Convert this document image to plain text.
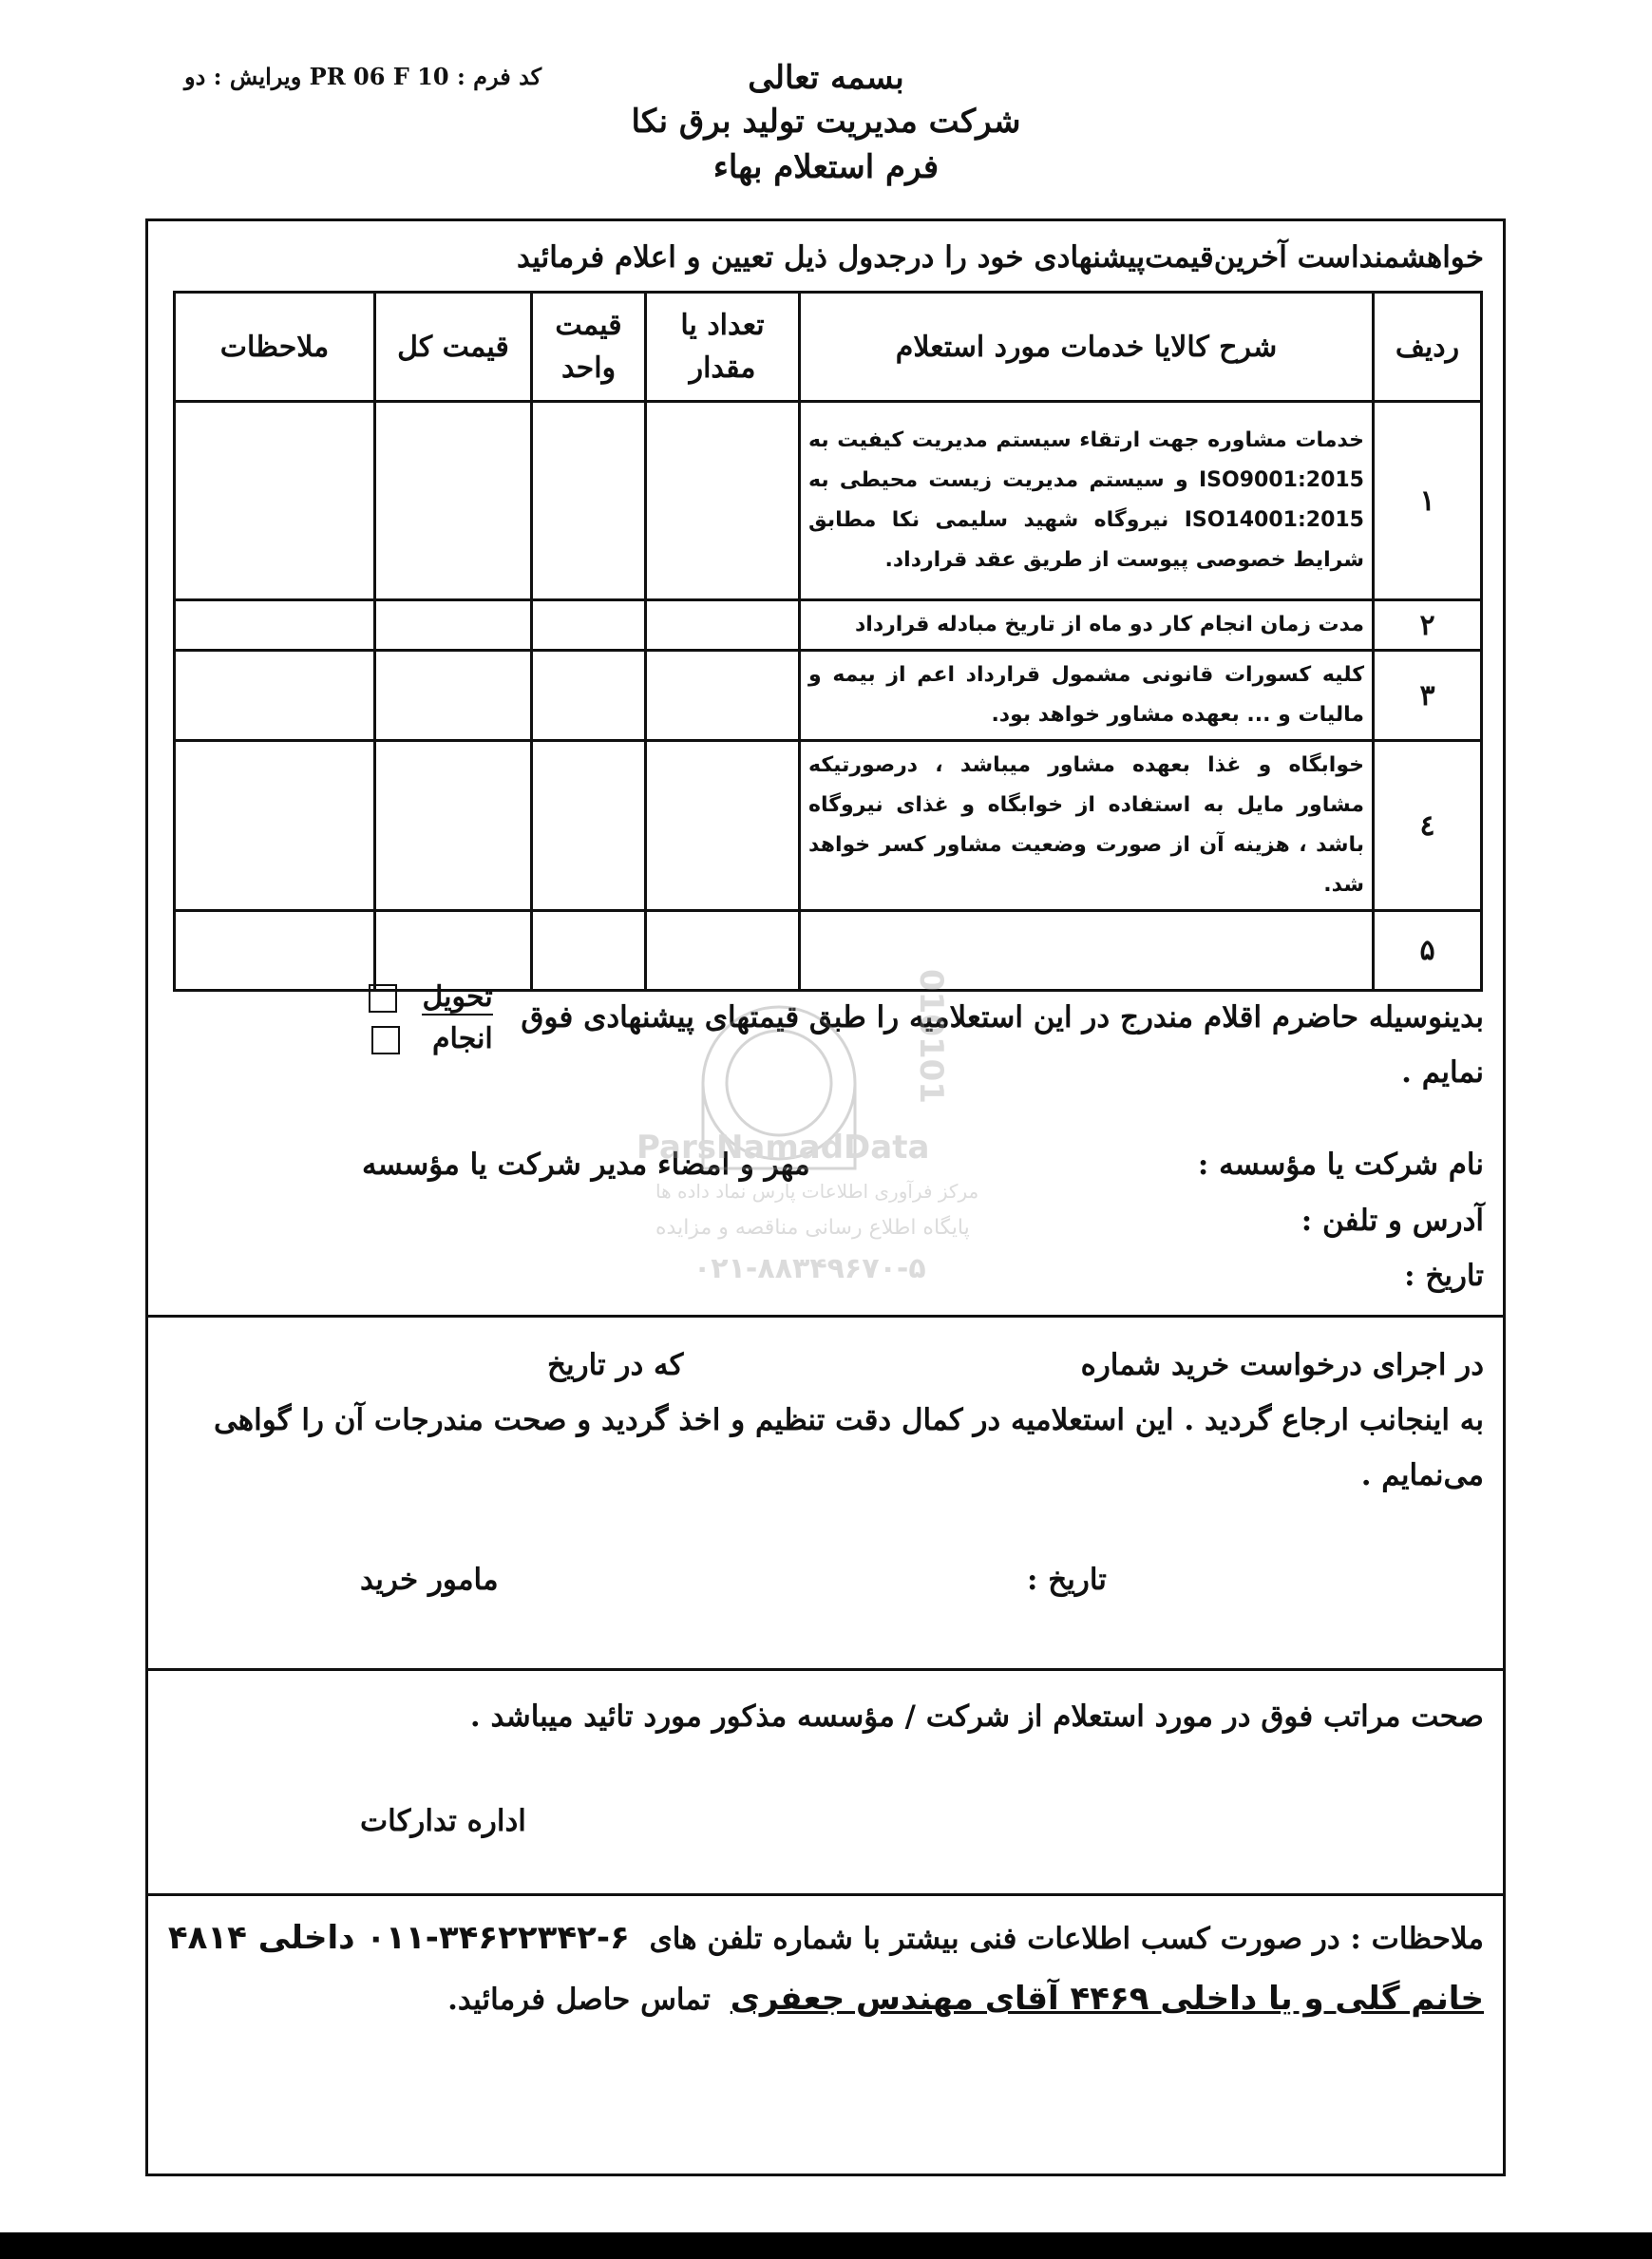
بسمه تعالی
شرکت مدیریت تولید برق نکا
فرم استعلام بهاء
کد فرم : PR 06 F 10 ویرایش : دو
خواهشمنداست آخرین‌قیمت‌پیشنهادی خود را درجدول ذیل تعیین و اعلام فرمائید
ردیف	شرح کالایا خدمات مورد استعلام	تعداد یا مقدار	قیمت واحد	قیمت کل	ملاحظات
۱	خدمات مشاوره جهت ارتقاء سیستم مدیریت کیفیت به ISO9001:2015 و سیستم مدیریت زیست محیطی به ISO14001:2015 نیروگاه شهید سلیمی نکا مطابق شرایط خصوصی پیوست از طریق عقد قرارداد.				
۲	مدت زمان انجام کار دو ماه از تاریخ مبادله قرارداد				
۳	کلیه کسورات قانونی مشمول قرارداد اعم از بیمه و مالیات و ... بعهده مشاور خواهد بود.				
٤	خوابگاه و غذا بعهده مشاور میباشد ، درصورتیکه مشاور مایل به استفاده از خوابگاه و غذای نیروگاه باشد ، هزینه آن از صورت وضعیت مشاور کسر خواهد شد.				
۵					
بدینوسیله حاضرم اقلام مندرج در این استعلامیه را طبق قیمتهای پیشنهادی فوق
نمایم .
تحویل
انجام
نام شرکت یا مؤسسه :
مهر و امضاء مدیر شرکت یا مؤسسه
آدرس و تلفن :
تاریخ :
010101
ParsNamadData
مرکز فرآوری اطلاعات پارس نماد داده ها
پایگاه اطلاع رسانی مناقصه و مزایده
۰۲۱-۸۸۳۴۹۶۷۰-۵
در اجرای درخواست خرید شماره
که در تاریخ
به اینجانب ارجاع گردید . این استعلامیه در کمال دقت تنظیم و اخذ گردید و صحت مندرجات آن را گواهی
می‌نمایم .
تاریخ :
مامور خرید
صحت مراتب فوق در مورد استعلام از شرکت / مؤسسه مذکور مورد تائید میباشد .
اداره تدارکات
ملاحظات : در صورت کسب اطلاعات فنی بیشتر با شماره تلفن های ۶-۳۴۶۲۲۳۴۲-۰۱۱ داخلی ۴۸۱۴
خانم گلی و یا داخلی ۴۴۶۹ آقای مهندس جعفری تماس حاصل فرمائید.
